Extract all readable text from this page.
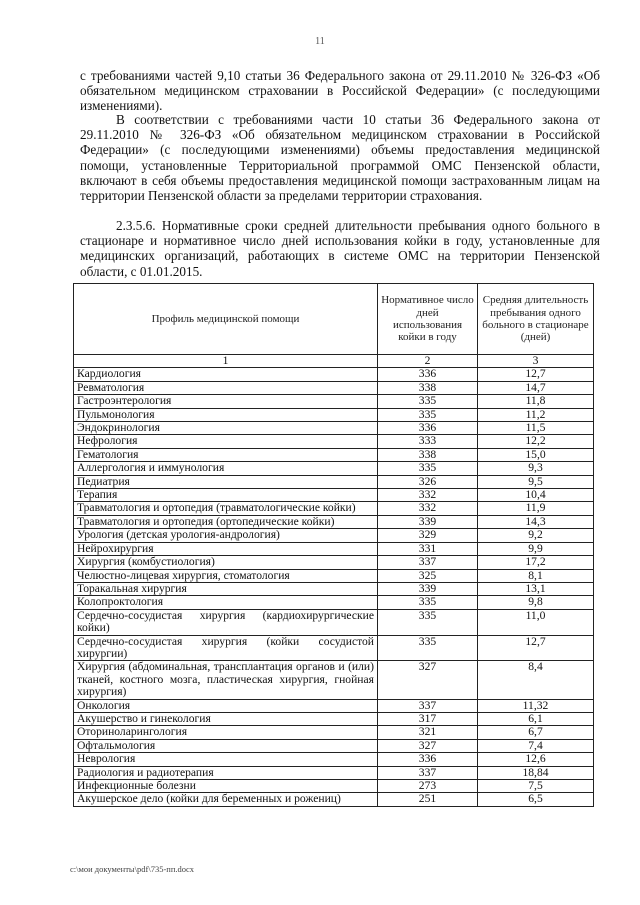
11

с требованиями частей 9,10 статьи 36 Федерального закона от 29.11.2010 № 326-ФЗ «Об обязательном медицинском страховании в Российской Федерации» (с последующими изменениями).

В соответствии с требованиями части 10 статьи 36 Федерального закона от 29.11.2010 № 326-ФЗ «Об обязательном медицинском страховании в Российской Федерации» (с последующими изменениями) объемы предоставления медицинской помощи, установленные Территориальной программой ОМС Пензенской области, включают в себя объемы предоставления медицинской помощи застрахованным лицам на территории Пензенской области за пределами территории страхования.

2.3.5.6. Нормативные сроки средней длительности пребывания одного больного в стационаре и нормативное число дней использования койки в году, установленные для медицинских организаций, работающих в системе ОМС на территории Пензенской области, с 01.01.2015.

Профиль медицинской помощи	Нормативное число дней использования койки в году	Средняя длительность пребывания одного больного в стационаре (дней)
1	2	3
Кардиология	336	12,7
Ревматология	338	14,7
Гастроэнтерология	335	11,8
Пульмонология	335	11,2
Эндокринология	336	11,5
Нефрология	333	12,2
Гематология	338	15,0
Аллергология и иммунология	335	9,3
Педиатрия	326	9,5
Терапия	332	10,4
Травматология и ортопедия (травматологические койки)	332	11,9
Травматология и ортопедия (ортопедические койки)	339	14,3
Урология (детская урология-андрология)	329	9,2
Нейрохирургия	331	9,9
Хирургия (комбустиология)	337	17,2
Челюстно-лицевая хирургия, стоматология	325	8,1
Торакальная хирургия	339	13,1
Колопроктология	335	9,8
Сердечно-сосудистая хирургия (кардиохирургические койки)	335	11,0
Сердечно-сосудистая хирургия (койки сосудистой хирургии)	335	12,7
Хирургия (абдоминальная, трансплантация органов и (или) тканей, костного мозга, пластическая хирургия, гнойная хирургия)	327	8,4
Онкология	337	11,32
Акушерство и гинекология	317	6,1
Оториноларингология	321	6,7
Офтальмология	327	7,4
Неврология	336	12,6
Радиология и радиотерапия	337	18,84
Инфекционные болезни	273	7,5
Акушерское дело (койки для беременных и рожениц)	251	6,5
c:\мои документы\pdf\735-пп.docx
